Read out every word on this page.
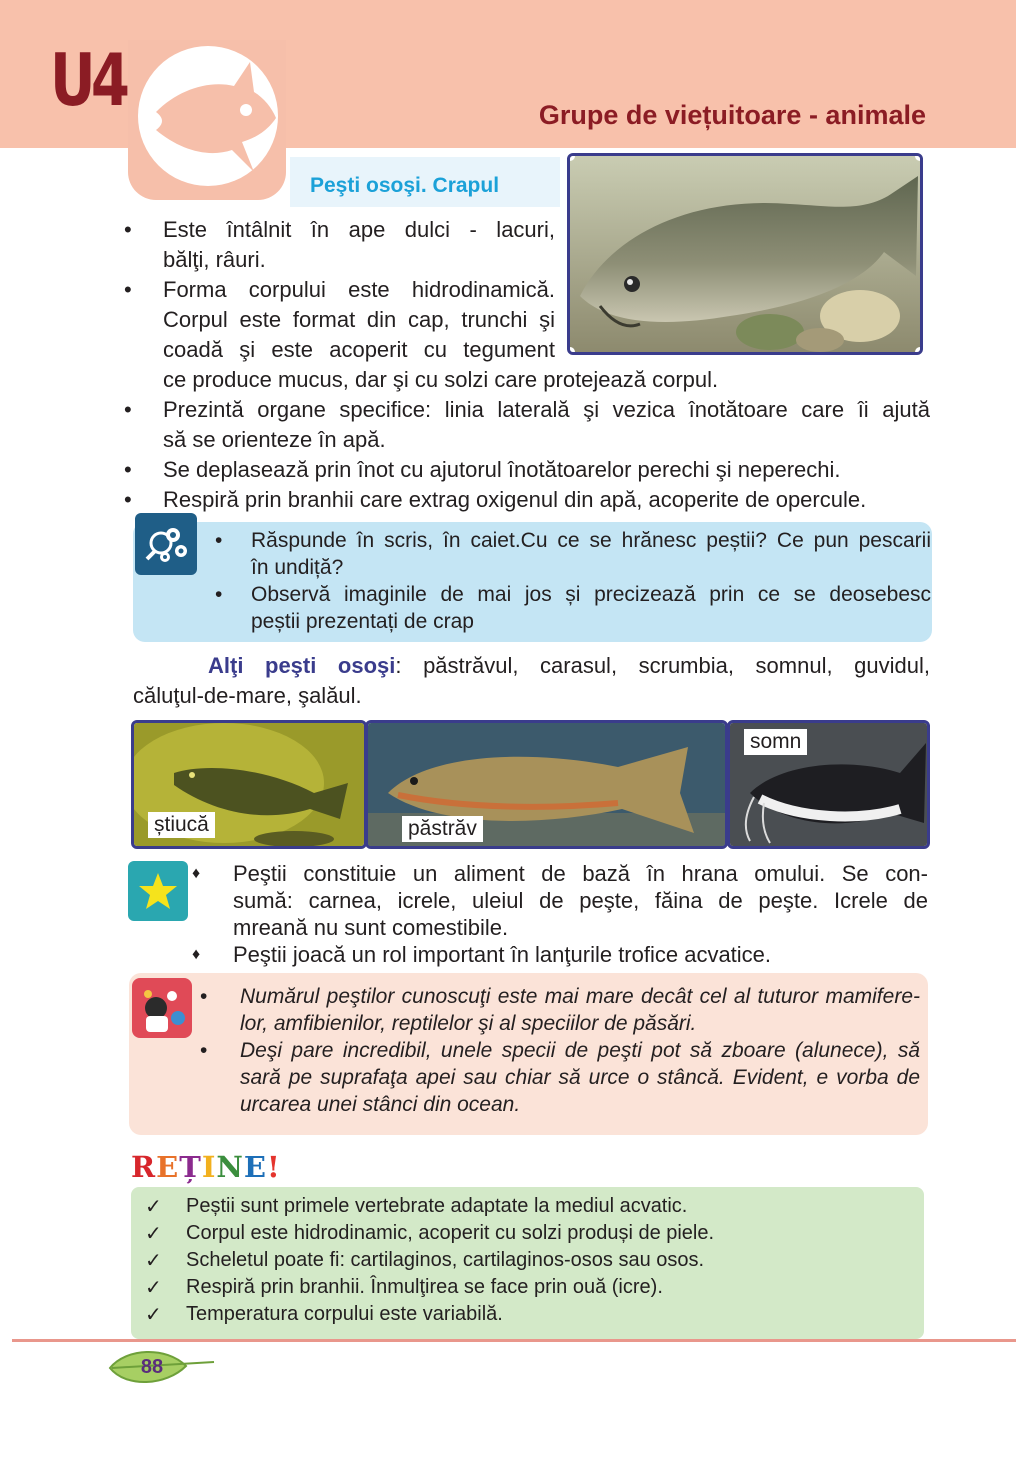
U4	Grupe de viețuitoare - animale
Peşti osoşi. Crapul
• Este întâlnit în ape dulci - lacuri,
bălţi, râuri.
• Forma corpului este hidrodinamică.
Corpul este format din cap, trunchi şi
coadă şi este acoperit cu tegument
ce produce mucus, dar şi cu solzi care protejează corpul.
• Prezintă organe specifice: linia laterală şi vezica înotătoare care îi ajută
să se orienteze în apă.
• Se deplasează prin înot cu ajutorul înotătoarelor perechi şi neperechi.
• Respiră prin branhii care extrag oxigenul din apă, acoperite de opercule.
• Răspunde în scris, în caiet.Cu ce se hrănesc peștii? Ce pun pescarii
în undiță?
• Observă imaginile de mai jos și precizează prin ce se deosebesc
peștii prezentați de crap
Alţi peşti osoşi: păstrăvul, carasul, scrumbia, somnul, guvidul,
căluţul-de-mare, şalăul.
știucă	păstrăv
somn
♦ Peştii constituie un aliment de bază în hrana omului. Se con-
sumă: carnea, icrele, uleiul de peşte, făina de peşte. Icrele de
mreană nu sunt comestibile.
♦ Peştii joacă un rol important în lanţurile trofice acvatice.
• Numărul peştilor cunoscuţi este mai mare decât cel al tuturor mamifere-
lor, amfibienilor, reptilelor şi al speciilor de păsări.
• Deşi pare incredibil, unele specii de peşti pot să zboare (alunece), să
sară pe suprafaţa apei sau chiar să urce o stâncă. Evident, e vorba de
urcarea unei stânci din ocean.
REȚINE!
✓ Peștii sunt primele vertebrate adaptate la mediul acvatic.
✓ Corpul este hidrodinamic, acoperit cu solzi produși de piele.
✓ Scheletul poate fi: cartilaginos, cartilaginos-osos sau osos.
✓ Respiră prin branhii. Înmulţirea se face prin ouă (icre).
✓ Temperatura corpului este variabilă.
88
